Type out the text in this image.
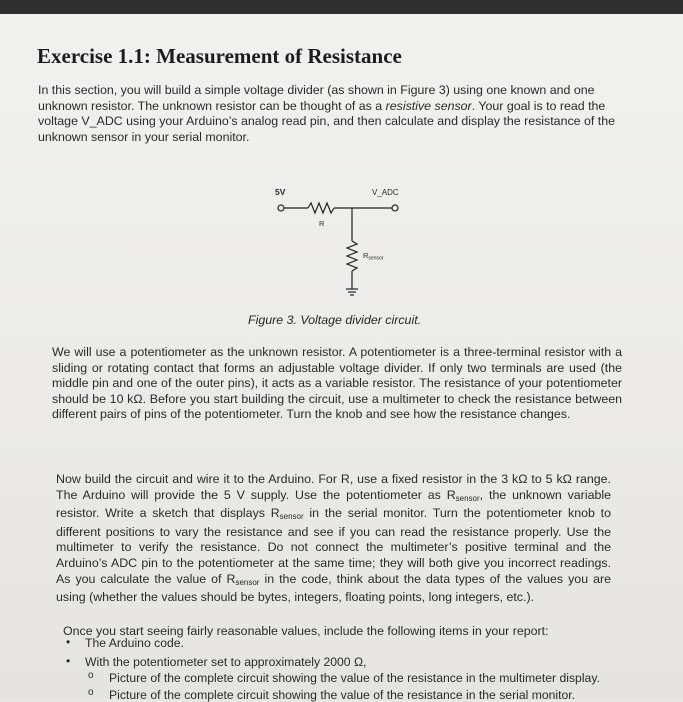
Exercise 1.1: Measurement of Resistance

In this section, you will build a simple voltage divider (as shown in Figure 3) using one known and one unknown resistor. The unknown resistor can be thought of as a resistive sensor. Your goal is to read the voltage V_ADC using your Arduino’s analog read pin, and then calculate and display the resistance of the unknown sensor in your serial monitor.

5V	V_ADC
R
$R_{sensor}$

Figure 3. Voltage divider circuit.

We will use a potentiometer as the unknown resistor. A potentiometer is a three-terminal resistor with a sliding or rotating contact that forms an adjustable voltage divider. If only two terminals are used (the middle pin and one of the outer pins), it acts as a variable resistor. The resistance of your potentiometer should be 10 kΩ. Before you start building the circuit, use a multimeter to check the resistance between different pairs of pins of the potentiometer. Turn the knob and see how the resistance changes.

Now build the circuit and wire it to the Arduino. For R, use a fixed resistor in the 3 kΩ to 5 kΩ range. The Arduino will provide the 5 V supply. Use the potentiometer as $R_{sensor}$, the unknown variable resistor. Write a sketch that displays $R_{sensor}$ in the serial monitor. Turn the potentiometer knob to different positions to vary the resistance and see if you can read the resistance properly. Use the multimeter to verify the resistance. Do not connect the multimeter’s positive terminal and the Arduino’s ADC pin to the potentiometer at the same time; they will both give you incorrect readings. As you calculate the value of $R_{sensor}$ in the code, think about the data types of the values you are using (whether the values should be bytes, integers, floating points, long integers, etc.).

Once you start seeing fairly reasonable values, include the following items in your report:

• The Arduino code.
• With the potentiometer set to approximately 2000 Ω,
o Picture of the complete circuit showing the value of the resistance in the multimeter display.
o Picture of the complete circuit showing the value of the resistance in the serial monitor.
